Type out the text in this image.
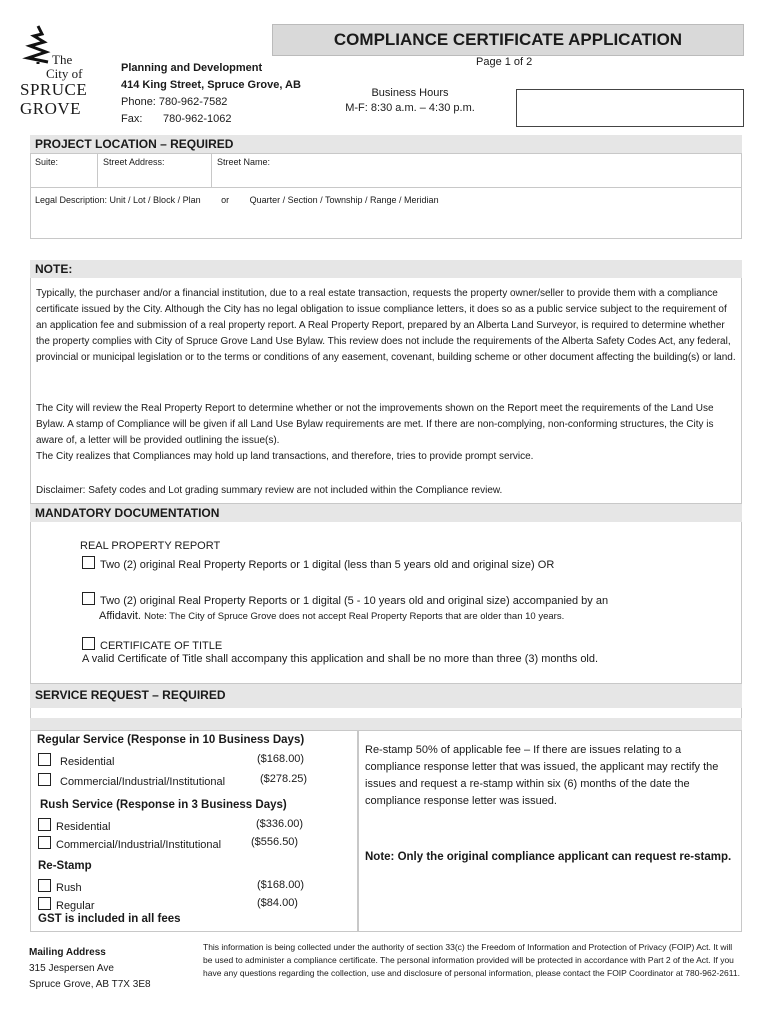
The
City of
SPRUCE
GROVE
COMPLIANCE CERTIFICATE APPLICATION
Page 1 of 2
Planning and Development
414 King Street, Spruce Grove, AB
Phone: 780-962-7582
Fax: 780-962-1062
Business Hours
M-F: 8:30 a.m. – 4:30 p.m.
PROJECT LOCATION – REQUIRED
Suite:	Street Address:	Street Name:
Legal Description: Unit / Lot / Block / Plan or Quarter / Section / Township / Range / Meridian
NOTE:
Typically, the purchaser and/or a financial institution, due to a real estate transaction, requests the property owner/seller to provide them with a compliance certificate issued by the City. Although the City has no legal obligation to issue compliance letters, it does so as a public service subject to the requirement of an application fee and submission of a real property report. A Real Property Report, prepared by an Alberta Land Surveyor, is required to determine whether the property complies with City of Spruce Grove Land Use Bylaw. This review does not include the requirements of the Alberta Safety Codes Act, any federal, provincial or municipal legislation or to the terms or conditions of any easement, covenant, building scheme or other document affecting the building(s) or land.
The City will review the Real Property Report to determine whether or not the improvements shown on the Report meet the requirements of the Land Use Bylaw. A stamp of Compliance will be given if all Land Use Bylaw requirements are met. If there are non-complying, non-conforming structures, the City is aware of, a letter will be provided outlining the issue(s).
The City realizes that Compliances may hold up land transactions, and therefore, tries to provide prompt service.
Disclaimer: Safety codes and Lot grading summary review are not included within the Compliance review.
MANDATORY DOCUMENTATION
REAL PROPERTY REPORT
Two (2) original Real Property Reports or 1 digital (less than 5 years old and original size) OR
Two (2) original Real Property Reports or 1 digital (5 - 10 years old and original size) accompanied by an
Affidavit. Note: The City of Spruce Grove does not accept Real Property Reports that are older than 10 years.
CERTIFICATE OF TITLE
A valid Certificate of Title shall accompany this application and shall be no more than three (3) months old.
SERVICE REQUEST – REQUIRED
Regular Service (Response in 10 Business Days)
Residential	($168.00)
Commercial/Industrial/Institutional	($278.25)
Rush Service (Response in 3 Business Days)
Residential	($336.00)
Commercial/Industrial/Institutional	($556.50)
Re-Stamp
Rush	($168.00)
Regular	($84.00)
GST is included in all fees
Re-stamp 50% of applicable fee – If there are issues relating to a compliance response letter that was issued, the applicant may rectify the issues and request a re-stamp within six (6) months of the date the compliance response letter was issued.
Note: Only the original compliance applicant can request re-stamp.
Mailing Address
315 Jespersen Ave
Spruce Grove, AB T7X 3E8
This information is being collected under the authority of section 33(c) the Freedom of Information and Protection of Privacy (FOIP) Act. It will be used to administer a compliance certificate. The personal information provided will be protected in accordance with Part 2 of the Act. If you have any questions regarding the collection, use and disclosure of personal information, please contact the FOIP Coordinator at 780-962-2611.
